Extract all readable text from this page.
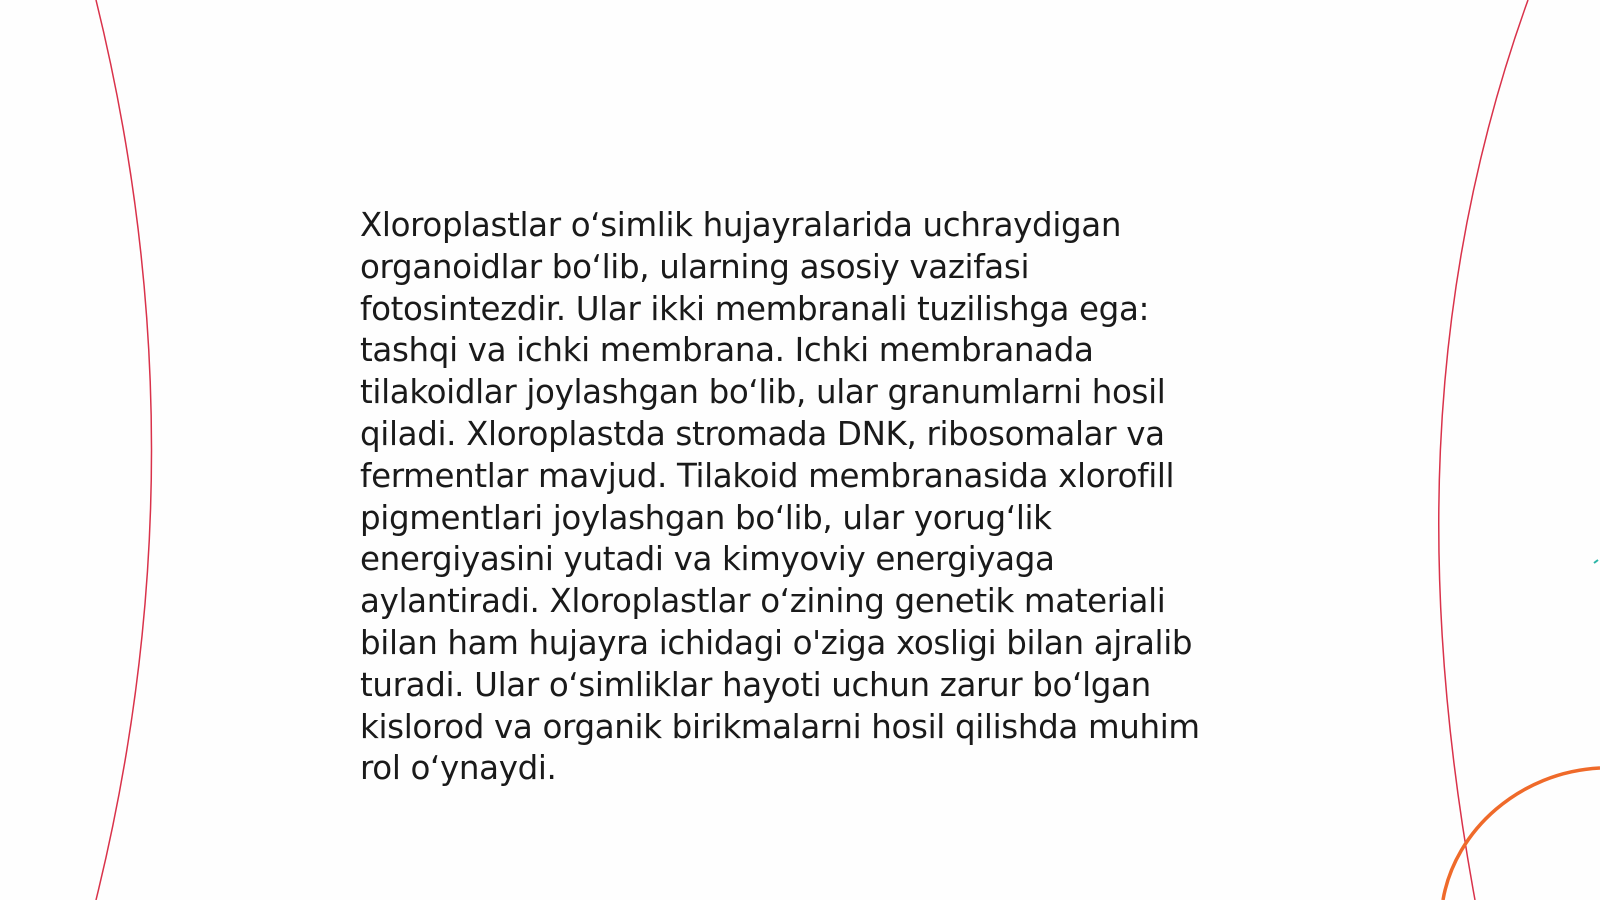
Xloroplastlar o‘simlik hujayralarida uchraydigan
organoidlar bo‘lib, ularning asosiy vazifasi
fotosintezdir. Ular ikki membranali tuzilishga ega:
tashqi va ichki membrana. Ichki membranada
tilakoidlar joylashgan bo‘lib, ular granumlarni hosil
qiladi. Xloroplastda stromada DNK, ribosomalar va
fermentlar mavjud. Tilakoid membranasida xlorofill
pigmentlari joylashgan bo‘lib, ular yorug‘lik
energiyasini yutadi va kimyoviy energiyaga
aylantiradi. Xloroplastlar o‘zining genetik materiali
bilan ham hujayra ichidagi o'ziga xosligi bilan ajralib
turadi. Ular o‘simliklar hayoti uchun zarur bo‘lgan
kislorod va organik birikmalarni hosil qilishda muhim
rol o‘ynaydi.
